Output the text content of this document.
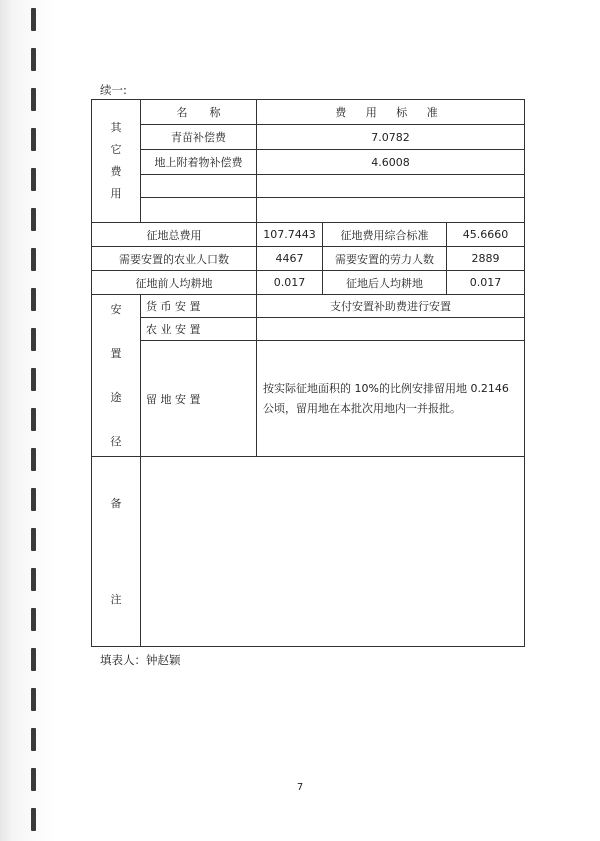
续一:
其
它
费
用	名　　称	费 用 标 准		
	青苗补偿费	7.0782		
	地上附着物补偿费	4.6008		

征地总费用		107.7443	征地费用综合标准	45.6660
需要安置的农业人口数		4467	需要安置的劳力人数	2889
征地前人均耕地		0.017	征地后人均耕地	0.017

安
置
途
径	货 币 安 置	支付安置补助费进行安置		
	农 业 安 置			
	留 地 安 置	按实际征地面积的 10%的比例安排留用地 0.2146 公顷，留用地在本批次用地内一并报批。		

备
注				

填表人：钟赵颖
7
